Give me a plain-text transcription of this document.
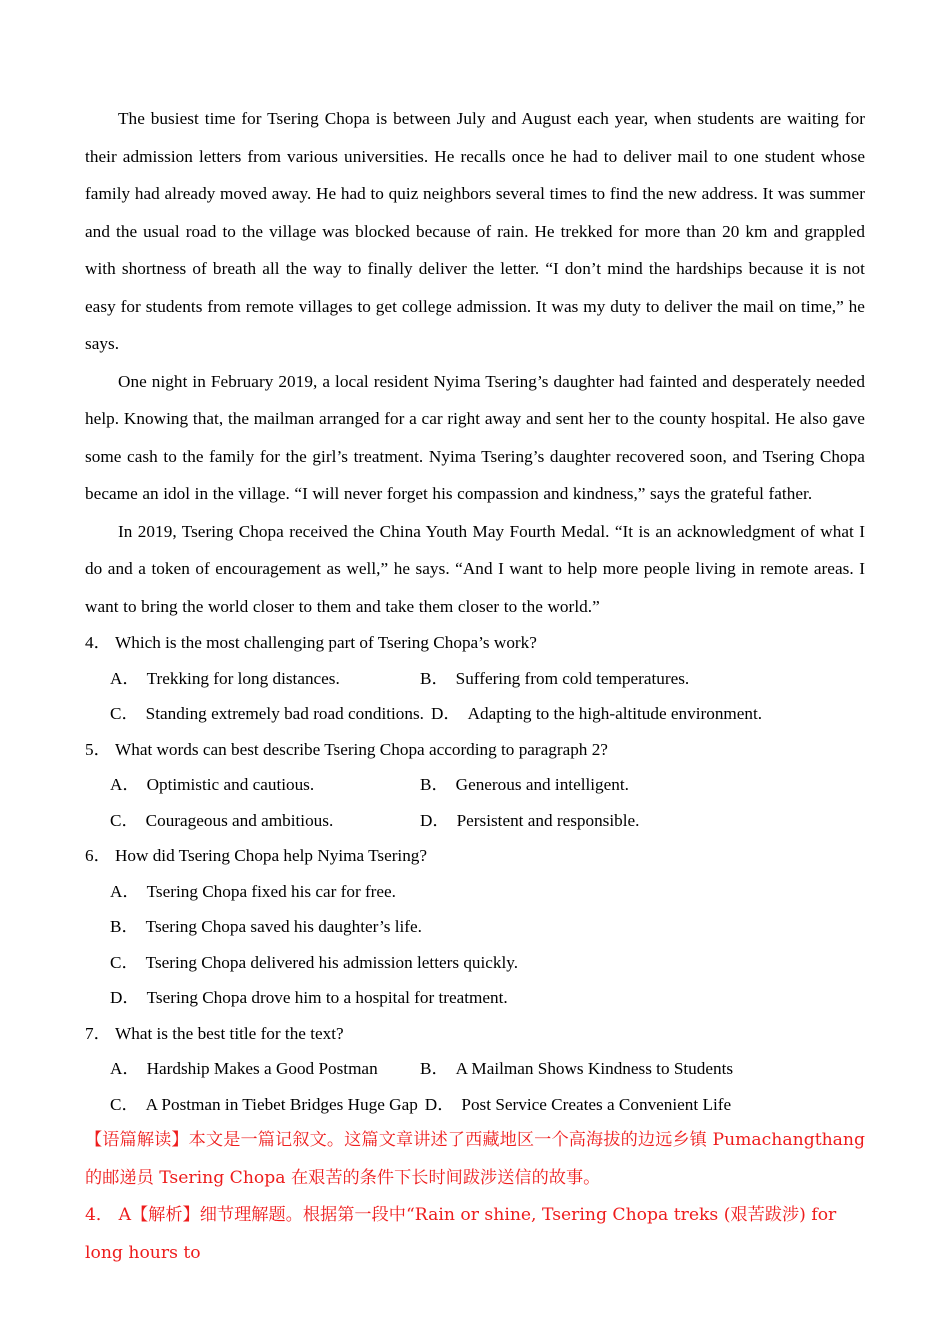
The busiest time for Tsering Chopa is between July and August each year, when students are waiting for their admission letters from various universities. He recalls once he had to deliver mail to one student whose family had already moved away. He had to quiz neighbors several times to find the new address. It was summer and the usual road to the village was blocked because of rain. He trekked for more than 20 km and grappled with shortness of breath all the way to finally deliver the letter. “I don’t mind the hardships because it is not easy for students from remote villages to get college admission. It was my duty to deliver the mail on time,” he says.

One night in February 2019, a local resident Nyima Tsering’s daughter had fainted and desperately needed help. Knowing that, the mailman arranged for a car right away and sent her to the county hospital. He also gave some cash to the family for the girl’s treatment. Nyima Tsering’s daughter recovered soon, and Tsering Chopa became an idol in the village. “I will never forget his compassion and kindness,” says the grateful father.

In 2019, Tsering Chopa received the China Youth May Fourth Medal. “It is an acknowledgment of what I do and a token of encouragement as well,” he says. “And I want to help more people living in remote areas. I want to bring the world closer to them and take them closer to the world.”

4． Which is the most challenging part of Tsering Chopa’s work?

A． Trekking for long distances.	B． Suffering from cold temperatures.
C． Standing extremely bad road conditions. D． Adapting to the high-altitude environment.

5． What words can best describe Tsering Chopa according to paragraph 2?

A． Optimistic and cautious.	B． Generous and intelligent.
C． Courageous and ambitious.	D． Persistent and responsible.

6． How did Tsering Chopa help Nyima Tsering?

A． Tsering Chopa fixed his car for free.
B． Tsering Chopa saved his daughter’s life.
C． Tsering Chopa delivered his admission letters quickly.
D． Tsering Chopa drove him to a hospital for treatment.

7． What is the best title for the text?

A． Hardship Makes a Good Postman B． A Mailman Shows Kindness to Students
C． A Postman in Tiebet Bridges Huge Gap D． Post Service Creates a Convenient Life

【语篇解读】本文是一篇记叙文。这篇文章讲述了西藏地区一个高海拔的边远乡镇 Pumachangthang 的邮递员 Tsering Chopa 在艰苦的条件下长时间跋涉送信的故事。

4． A【解析】细节理解题。根据第一段中“Rain or shine, Tsering Chopa treks (艰苦跋涉) for long hours to
